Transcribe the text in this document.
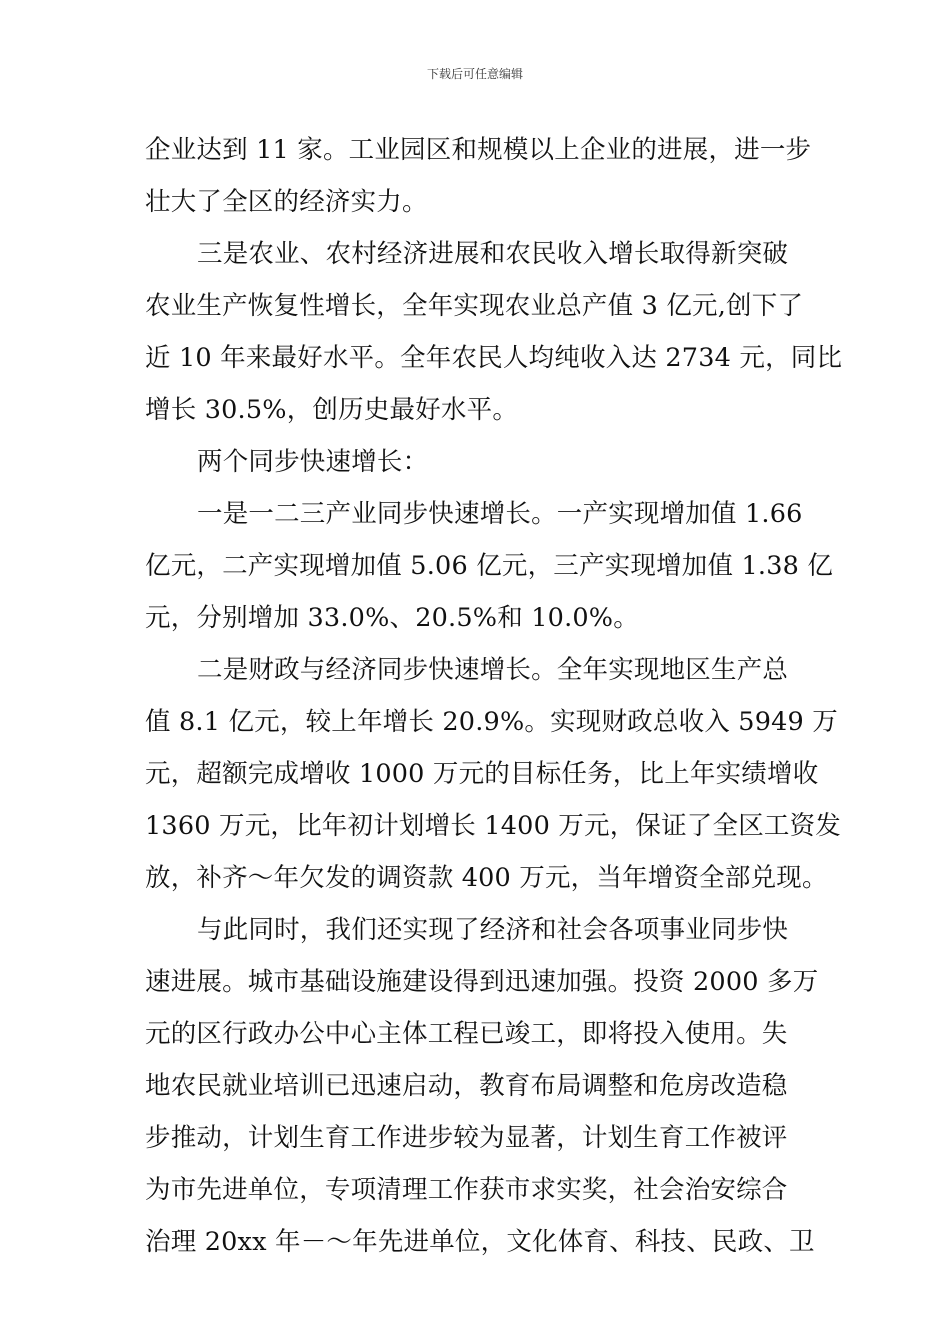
下载后可任意编辑
企业达到 11 家。工业园区和规模以上企业的进展，进一步
壮大了全区的经济实力。
三是农业、农村经济进展和农民收入增长取得新突破
农业生产恢复性增长，全年实现农业总产值 3 亿元,创下了
近 10 年来最好水平。全年农民人均纯收入达 2734 元，同比
增长 30.5%，创历史最好水平。
两个同步快速增长：
一是一二三产业同步快速增长。一产实现增加值 1.66
亿元，二产实现增加值 5.06 亿元，三产实现增加值 1.38 亿
元，分别增加 33.0%、20.5%和 10.0%。
二是财政与经济同步快速增长。全年实现地区生产总
值 8.1 亿元，较上年增长 20.9%。实现财政总收入 5949 万
元，超额完成增收 1000 万元的目标任务，比上年实绩增收
1360 万元，比年初计划增长 1400 万元，保证了全区工资发
放，补齐～年欠发的调资款 400 万元，当年增资全部兑现。
与此同时，我们还实现了经济和社会各项事业同步快
速进展。城市基础设施建设得到迅速加强。投资 2000 多万
元的区行政办公中心主体工程已竣工，即将投入使用。失
地农民就业培训已迅速启动，教育布局调整和危房改造稳
步推动，计划生育工作进步较为显著，计划生育工作被评
为市先进单位，专项清理工作获市求实奖，社会治安综合
治理 20xx 年－～年先进单位，文化体育、科技、民政、卫
